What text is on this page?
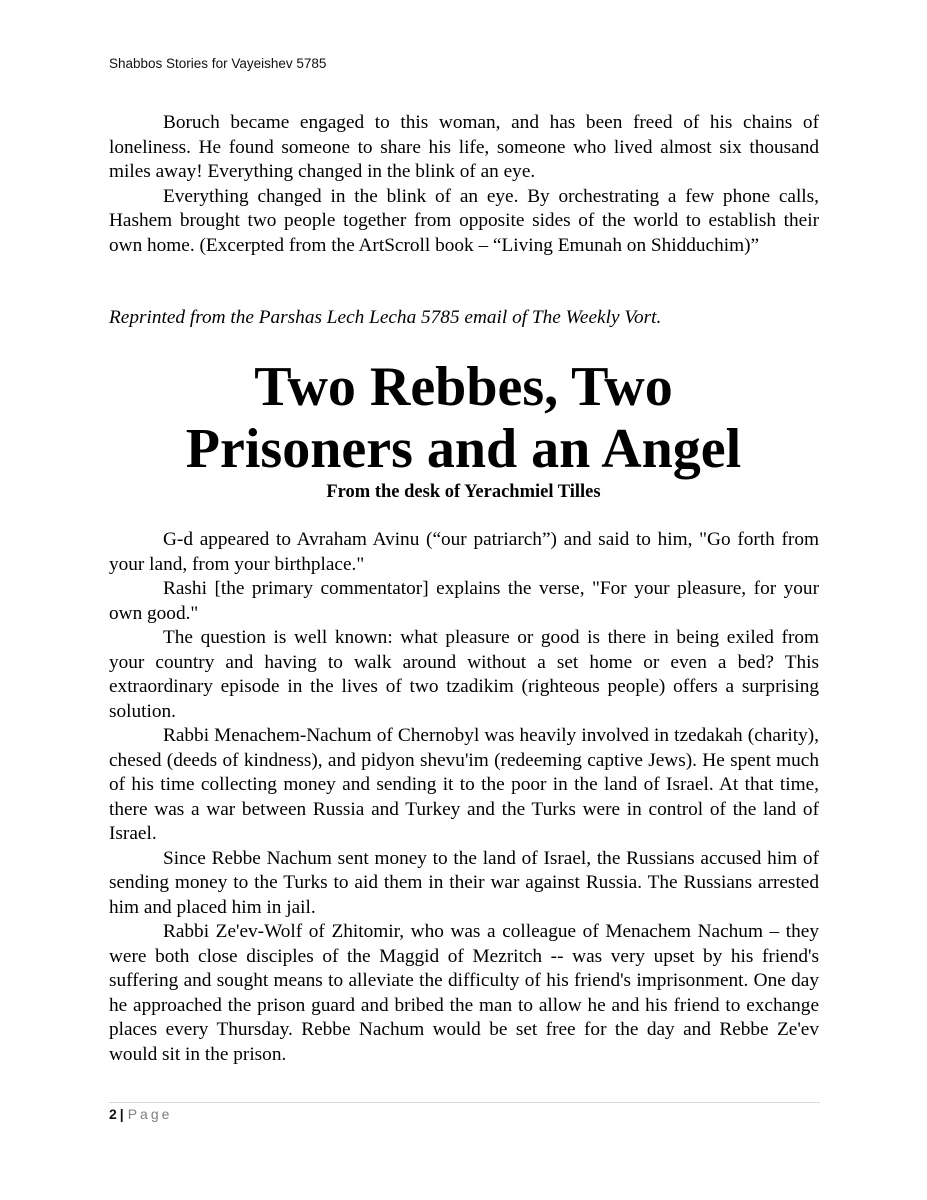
Shabbos Stories for Vayeishev 5785

Boruch became engaged to this woman, and has been freed of his chains of loneliness. He found someone to share his life, someone who lived almost six thousand miles away! Everything changed in the blink of an eye.

Everything changed in the blink of an eye. By orchestrating a few phone calls, Hashem brought two people together from opposite sides of the world to establish their own home. (Excerpted from the ArtScroll book – “Living Emunah on Shidduchim)”

Reprinted from the Parshas Lech Lecha 5785 email of The Weekly Vort.
Two Rebbes, Two
Prisoners and an Angel
From the desk of Yerachmiel Tilles

G-d appeared to Avraham Avinu (“our patriarch”) and said to him, "Go forth from your land, from your birthplace."

Rashi [the primary commentator] explains the verse, "For your pleasure, for your own good."

The question is well known: what pleasure or good is there in being exiled from your country and having to walk around without a set home or even a bed? This extraordinary episode in the lives of two tzadikim (righteous people) offers a surprising solution.

Rabbi Menachem-Nachum of Chernobyl was heavily involved in tzedakah (charity), chesed (deeds of kindness), and pidyon shevu'im (redeeming captive Jews). He spent much of his time collecting money and sending it to the poor in the land of Israel. At that time, there was a war between Russia and Turkey and the Turks were in control of the land of Israel.

Since Rebbe Nachum sent money to the land of Israel, the Russians accused him of sending money to the Turks to aid them in their war against Russia. The Russians arrested him and placed him in jail.

Rabbi Ze'ev-Wolf of Zhitomir, who was a colleague of Menachem Nachum – they were both close disciples of the Maggid of Mezritch -- was very upset by his friend's suffering and sought means to alleviate the difficulty of his friend's imprisonment. One day he approached the prison guard and bribed the man to allow he and his friend to exchange places every Thursday. Rebbe Nachum would be set free for the day and Rebbe Ze'ev would sit in the prison.

2 | Page
